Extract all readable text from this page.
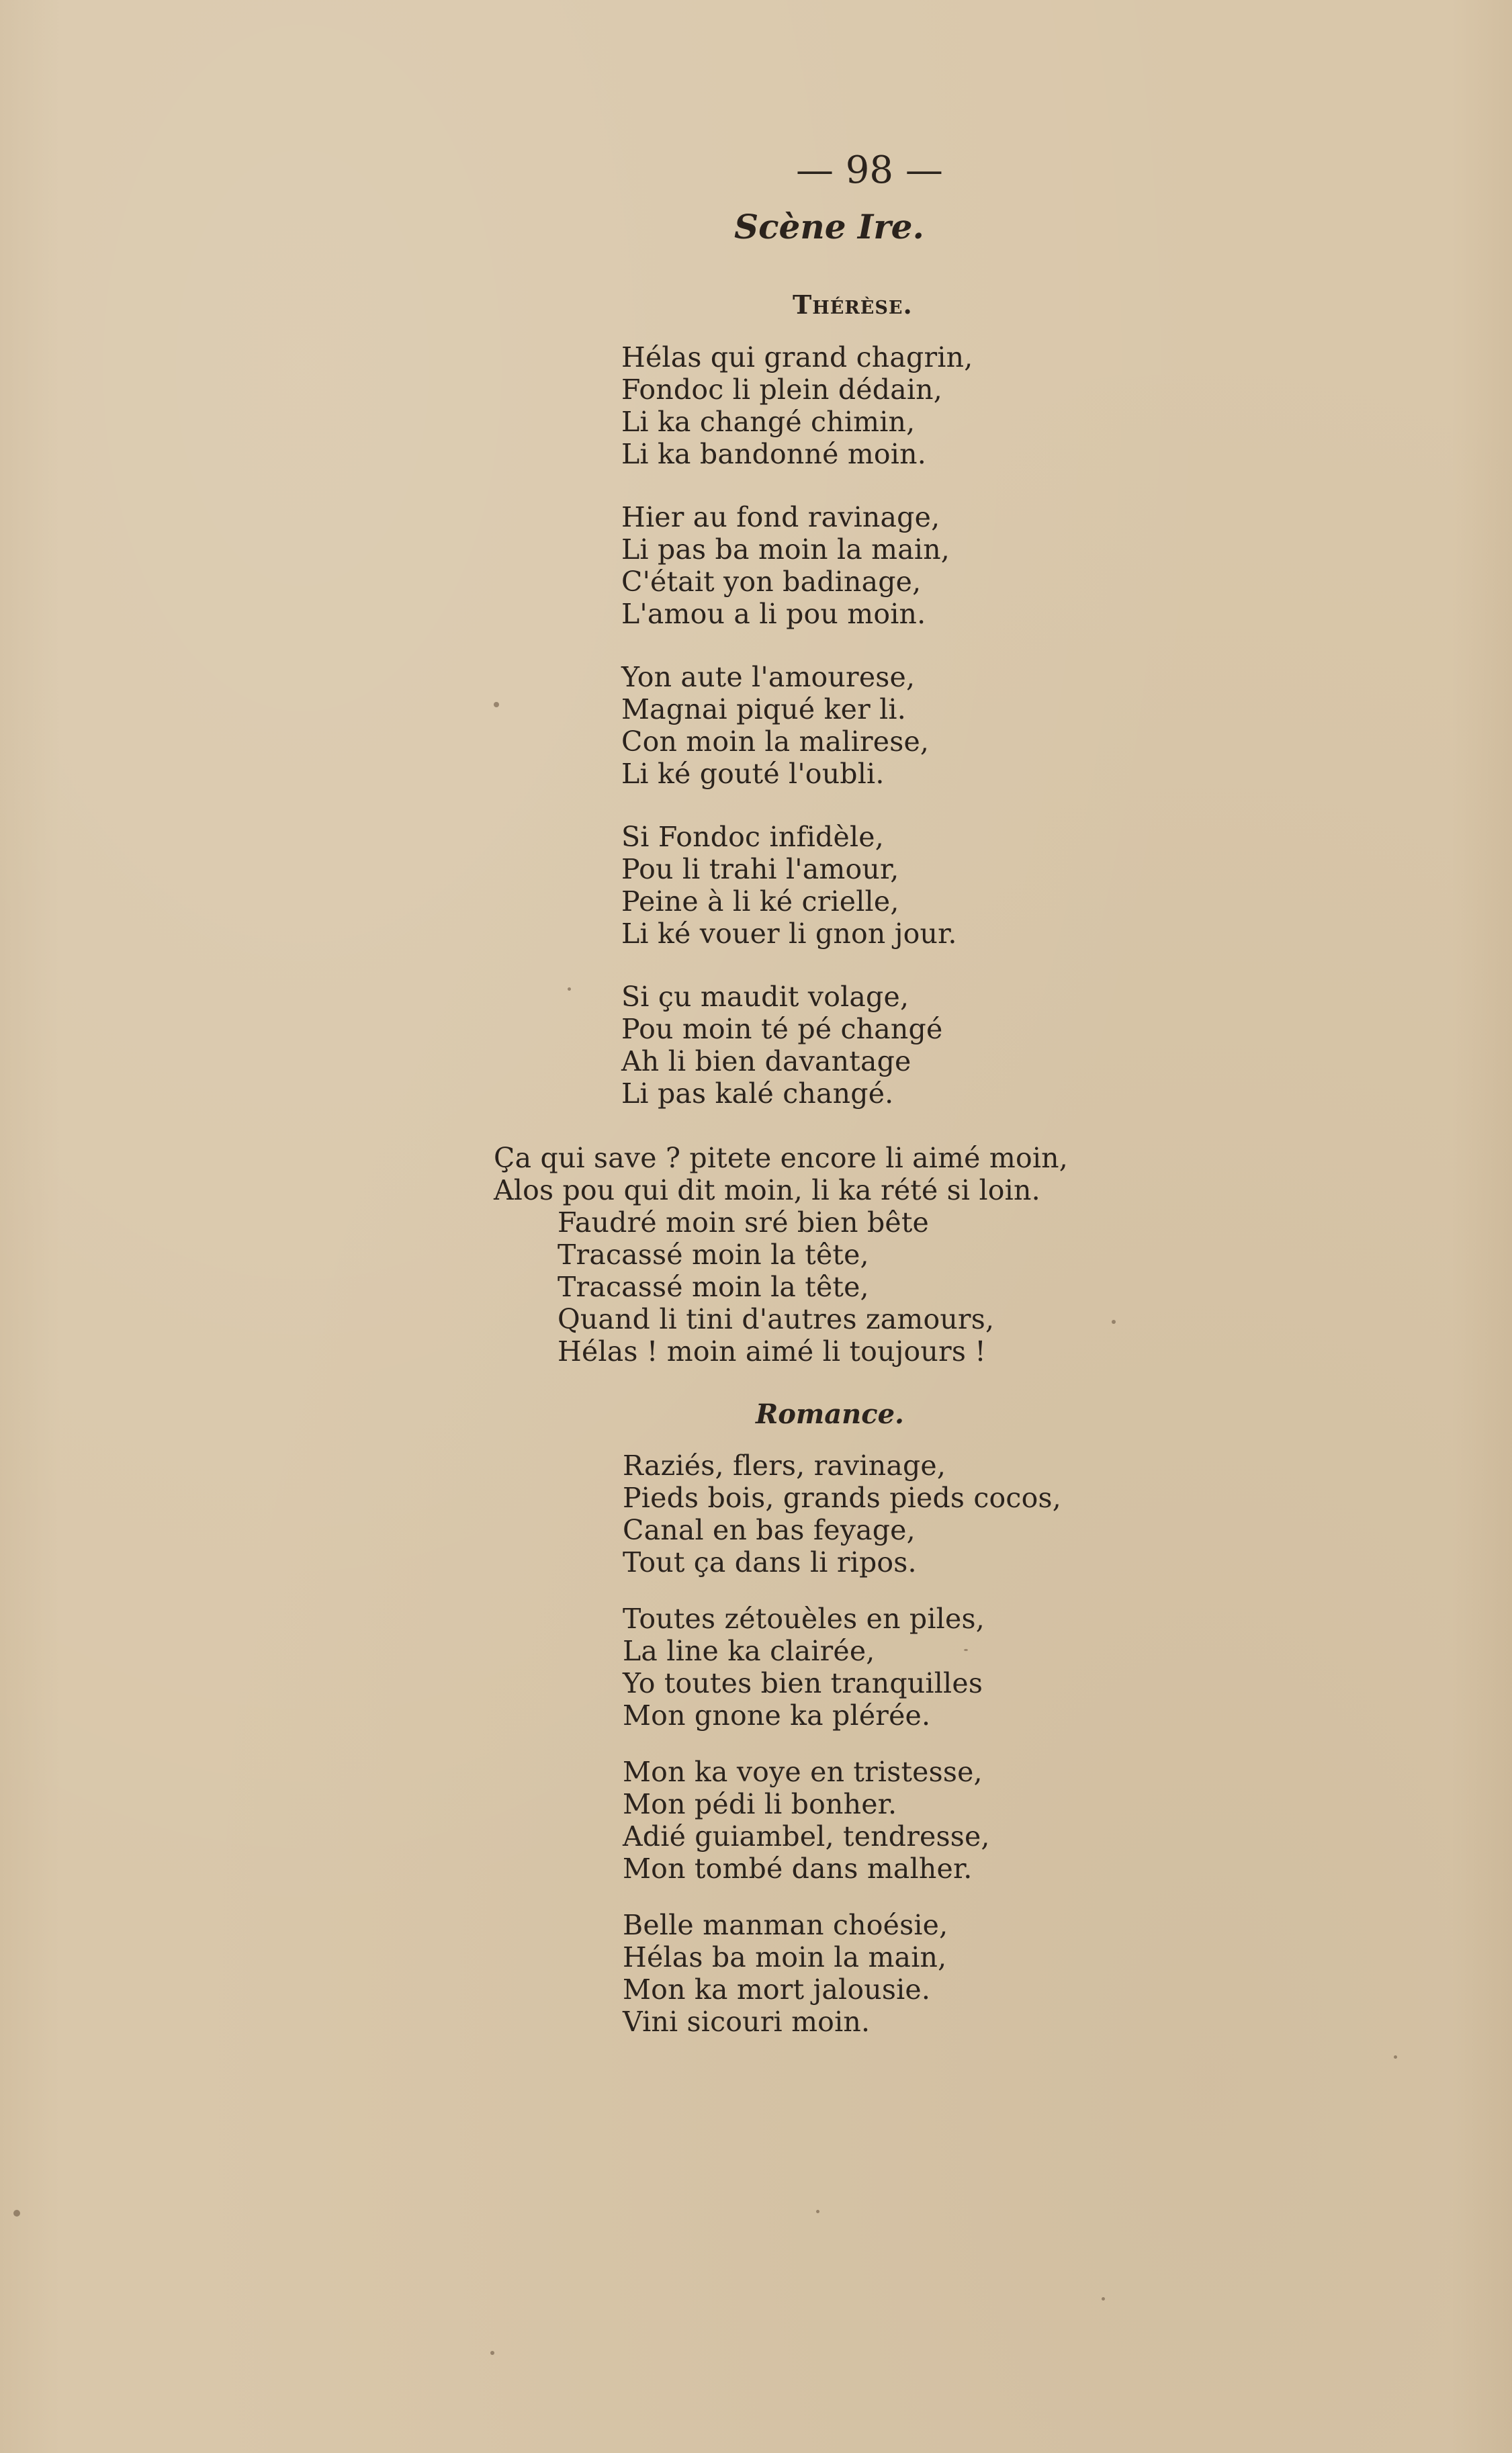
— 98 —
Scène Ire.
Thérèse.
Hélas qui grand chagrin,
Fondoc li plein dédain,
Li ka changé chimin,
Li ka bandonné moin.
Hier au fond ravinage,
Li pas ba moin la main,
C'était yon badinage,
L'amou a li pou moin.
Yon aute l'amourese,
Magnai piqué ker li.
Con moin la malirese,
Li ké gouté l'oubli.
Si Fondoc infidèle,
Pou li trahi l'amour,
Peine à li ké crielle,
Li ké vouer li gnon jour.
Si çu maudit volage,
Pou moin té pé changé
Ah li bien davantage
Li pas kalé changé.
Ça qui save ? pitete encore li aimé moin,
Alos pou qui dit moin, li ka rété si loin.
Faudré moin sré bien bête
Tracassé moin la tête,
Tracassé moin la tête,
Quand li tini d'autres zamours,
Hélas ! moin aimé li toujours !
Romance.
Raziés, flers, ravinage,
Pieds bois, grands pieds cocos,
Canal en bas feyage,
Tout ça dans li ripos.
Toutes zétouèles en piles,
La line ka clairée,
Yo toutes bien tranquilles
Mon gnone ka plérée.
Mon ka voye en tristesse,
Mon pédi li bonher.
Adié guiambel, tendresse,
Mon tombé dans malher.
Belle manman choésie,
Hélas ba moin la main,
Mon ka mort jalousie.
Vini sicouri moin.
